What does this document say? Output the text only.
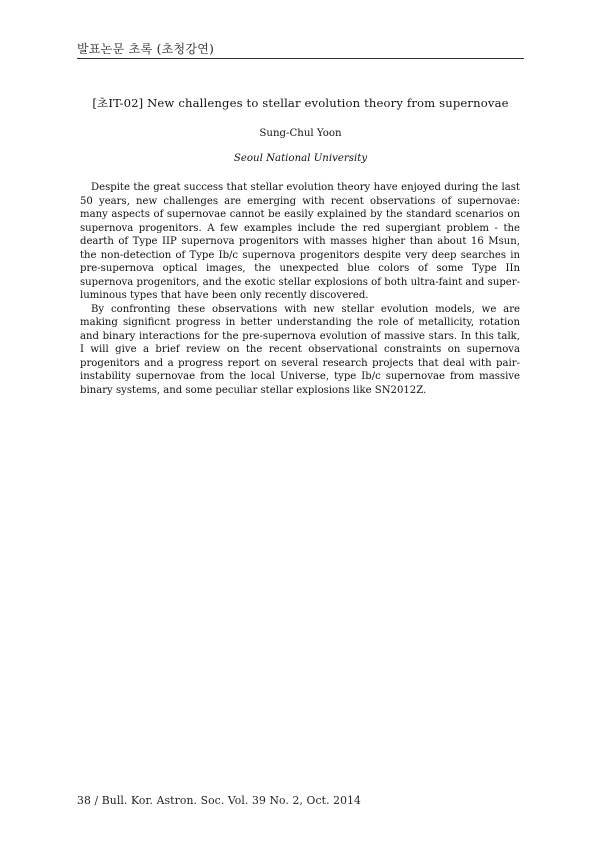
발표논문 초록 (초청강연)
[초IT-02] New challenges to stellar evolution theory from supernovae
Sung-Chul Yoon
Seoul National University

Despite the great success that stellar evolution theory have enjoyed during the last 50 years, new challenges are emerging with recent observations of supernovae: many aspects of supernovae cannot be easily explained by the standard scenarios on supernova progenitors. A few examples include the red supergiant problem - the dearth of Type IIP supernova progenitors with masses higher than about 16 Msun, the non-detection of Type Ib/c supernova progenitors despite very deep searches in pre-supernova optical images, the unexpected blue colors of some Type IIn supernova progenitors, and the exotic stellar explosions of both ultra-faint and super-luminous types that have been only recently discovered.

By confronting these observations with new stellar evolution models, we are making significnt progress in better understanding the role of metallicity, rotation and binary interactions for the pre-supernova evolution of massive stars. In this talk, I will give a brief review on the recent observational constraints on supernova progenitors and a progress report on several research projects that deal with pair-instability supernovae from the local Universe, type Ib/c supernovae from massive binary systems, and some peculiar stellar explosions like SN2012Z.

38 / Bull. Kor. Astron. Soc. Vol. 39 No. 2, Oct. 2014
